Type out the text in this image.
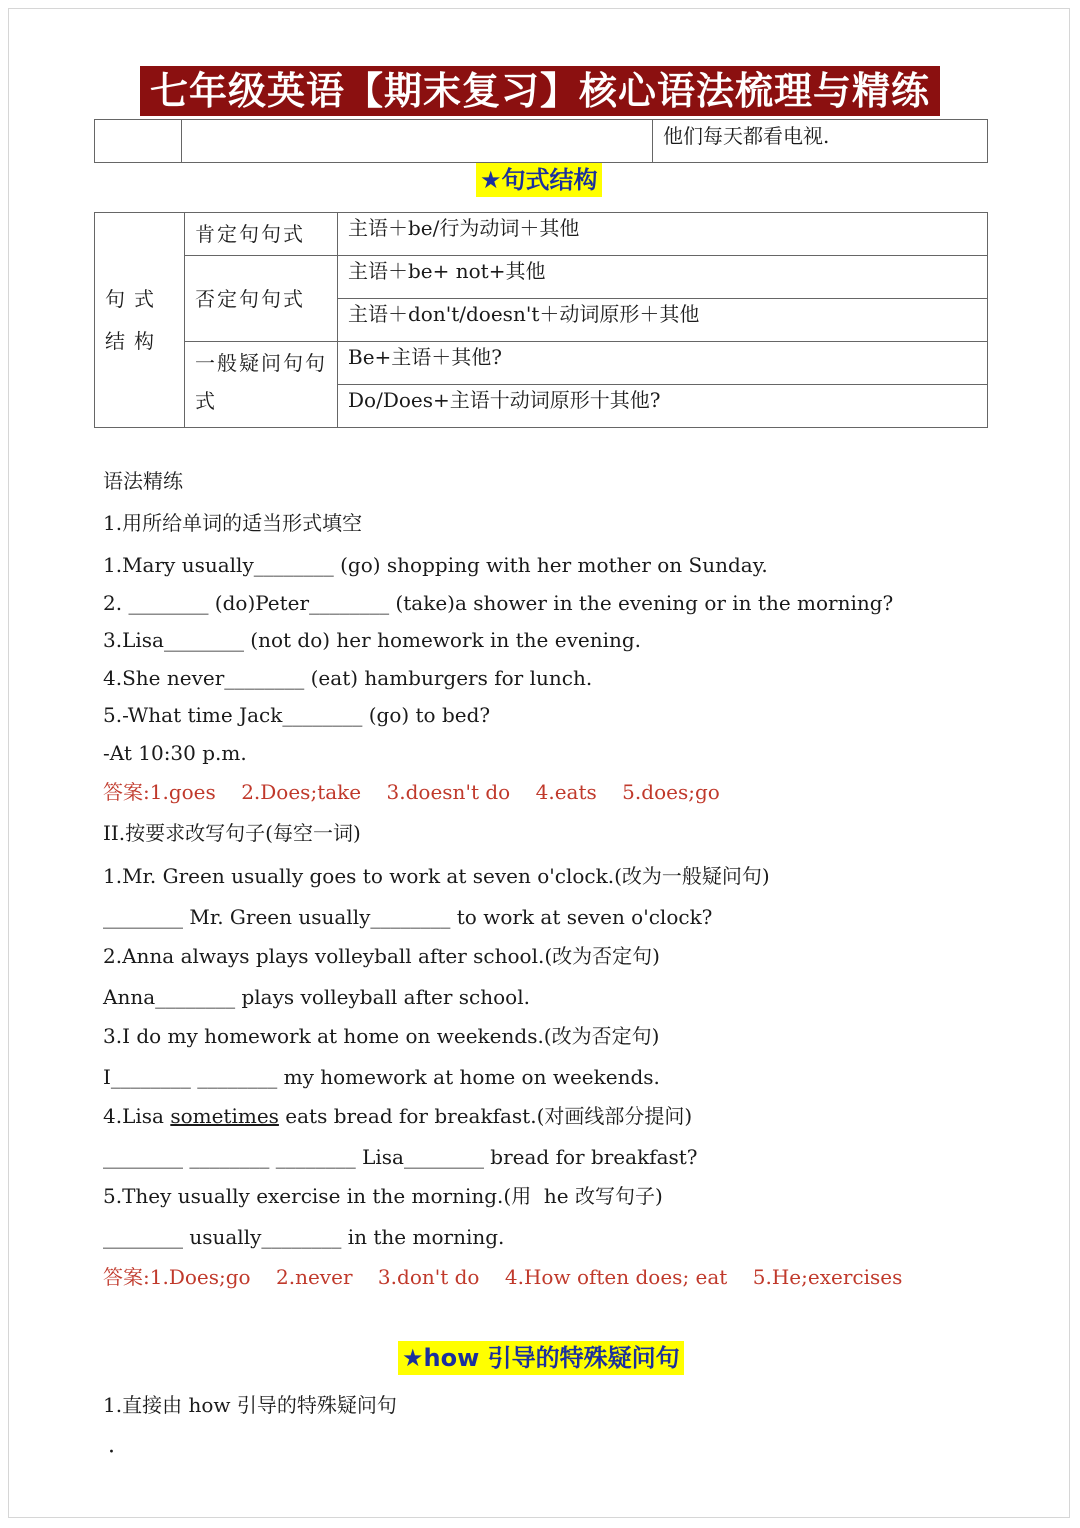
七年级英语【期末复习】核心语法梳理与精练
		他们每天都看电视.
★句式结构
句式结构	肯定句句式	主语＋be/行为动词＋其他
	否定句句式	主语＋be+ not+其他
		主语＋don't/doesn't＋动词原形＋其他
	一般疑问句句式	Be+主语＋其他?
		Do/Does+主语十动词原形十其他?
语法精练
1.用所给单词的适当形式填空
1.Mary usually________ (go) shopping with her mother on Sunday.
2. ________ (do)Peter________ (take)a shower in the evening or in the morning?
3.Lisa________ (not do) her homework in the evening.
4.She never________ (eat) hamburgers for lunch.
5.-What time Jack________ (go) to bed?
-At 10:30 p.m.
答案:1.goes    2.Does;take    3.doesn't do    4.eats    5.does;go
II.按要求改写句子(每空一词)
1.Mr. Green usually goes to work at seven o'clock.(改为一般疑问句)
________ Mr. Green usually________ to work at seven o'clock?
2.Anna always plays volleyball after school.(改为否定句)
Anna________ plays volleyball after school.
3.I do my homework at home on weekends.(改为否定句)
I________ ________ my homework at home on weekends.
4.Lisa sometimes eats bread for breakfast.(对画线部分提问)
________ ________ ________ Lisa________ bread for breakfast?
5.They usually exercise in the morning.(用  he 改写句子)
________ usually________ in the morning.
答案:1.Does;go    2.never    3.don't do    4.How often does; eat    5.He;exercises
★how 引导的特殊疑问句
1.直接由 how 引导的特殊疑问句
·
